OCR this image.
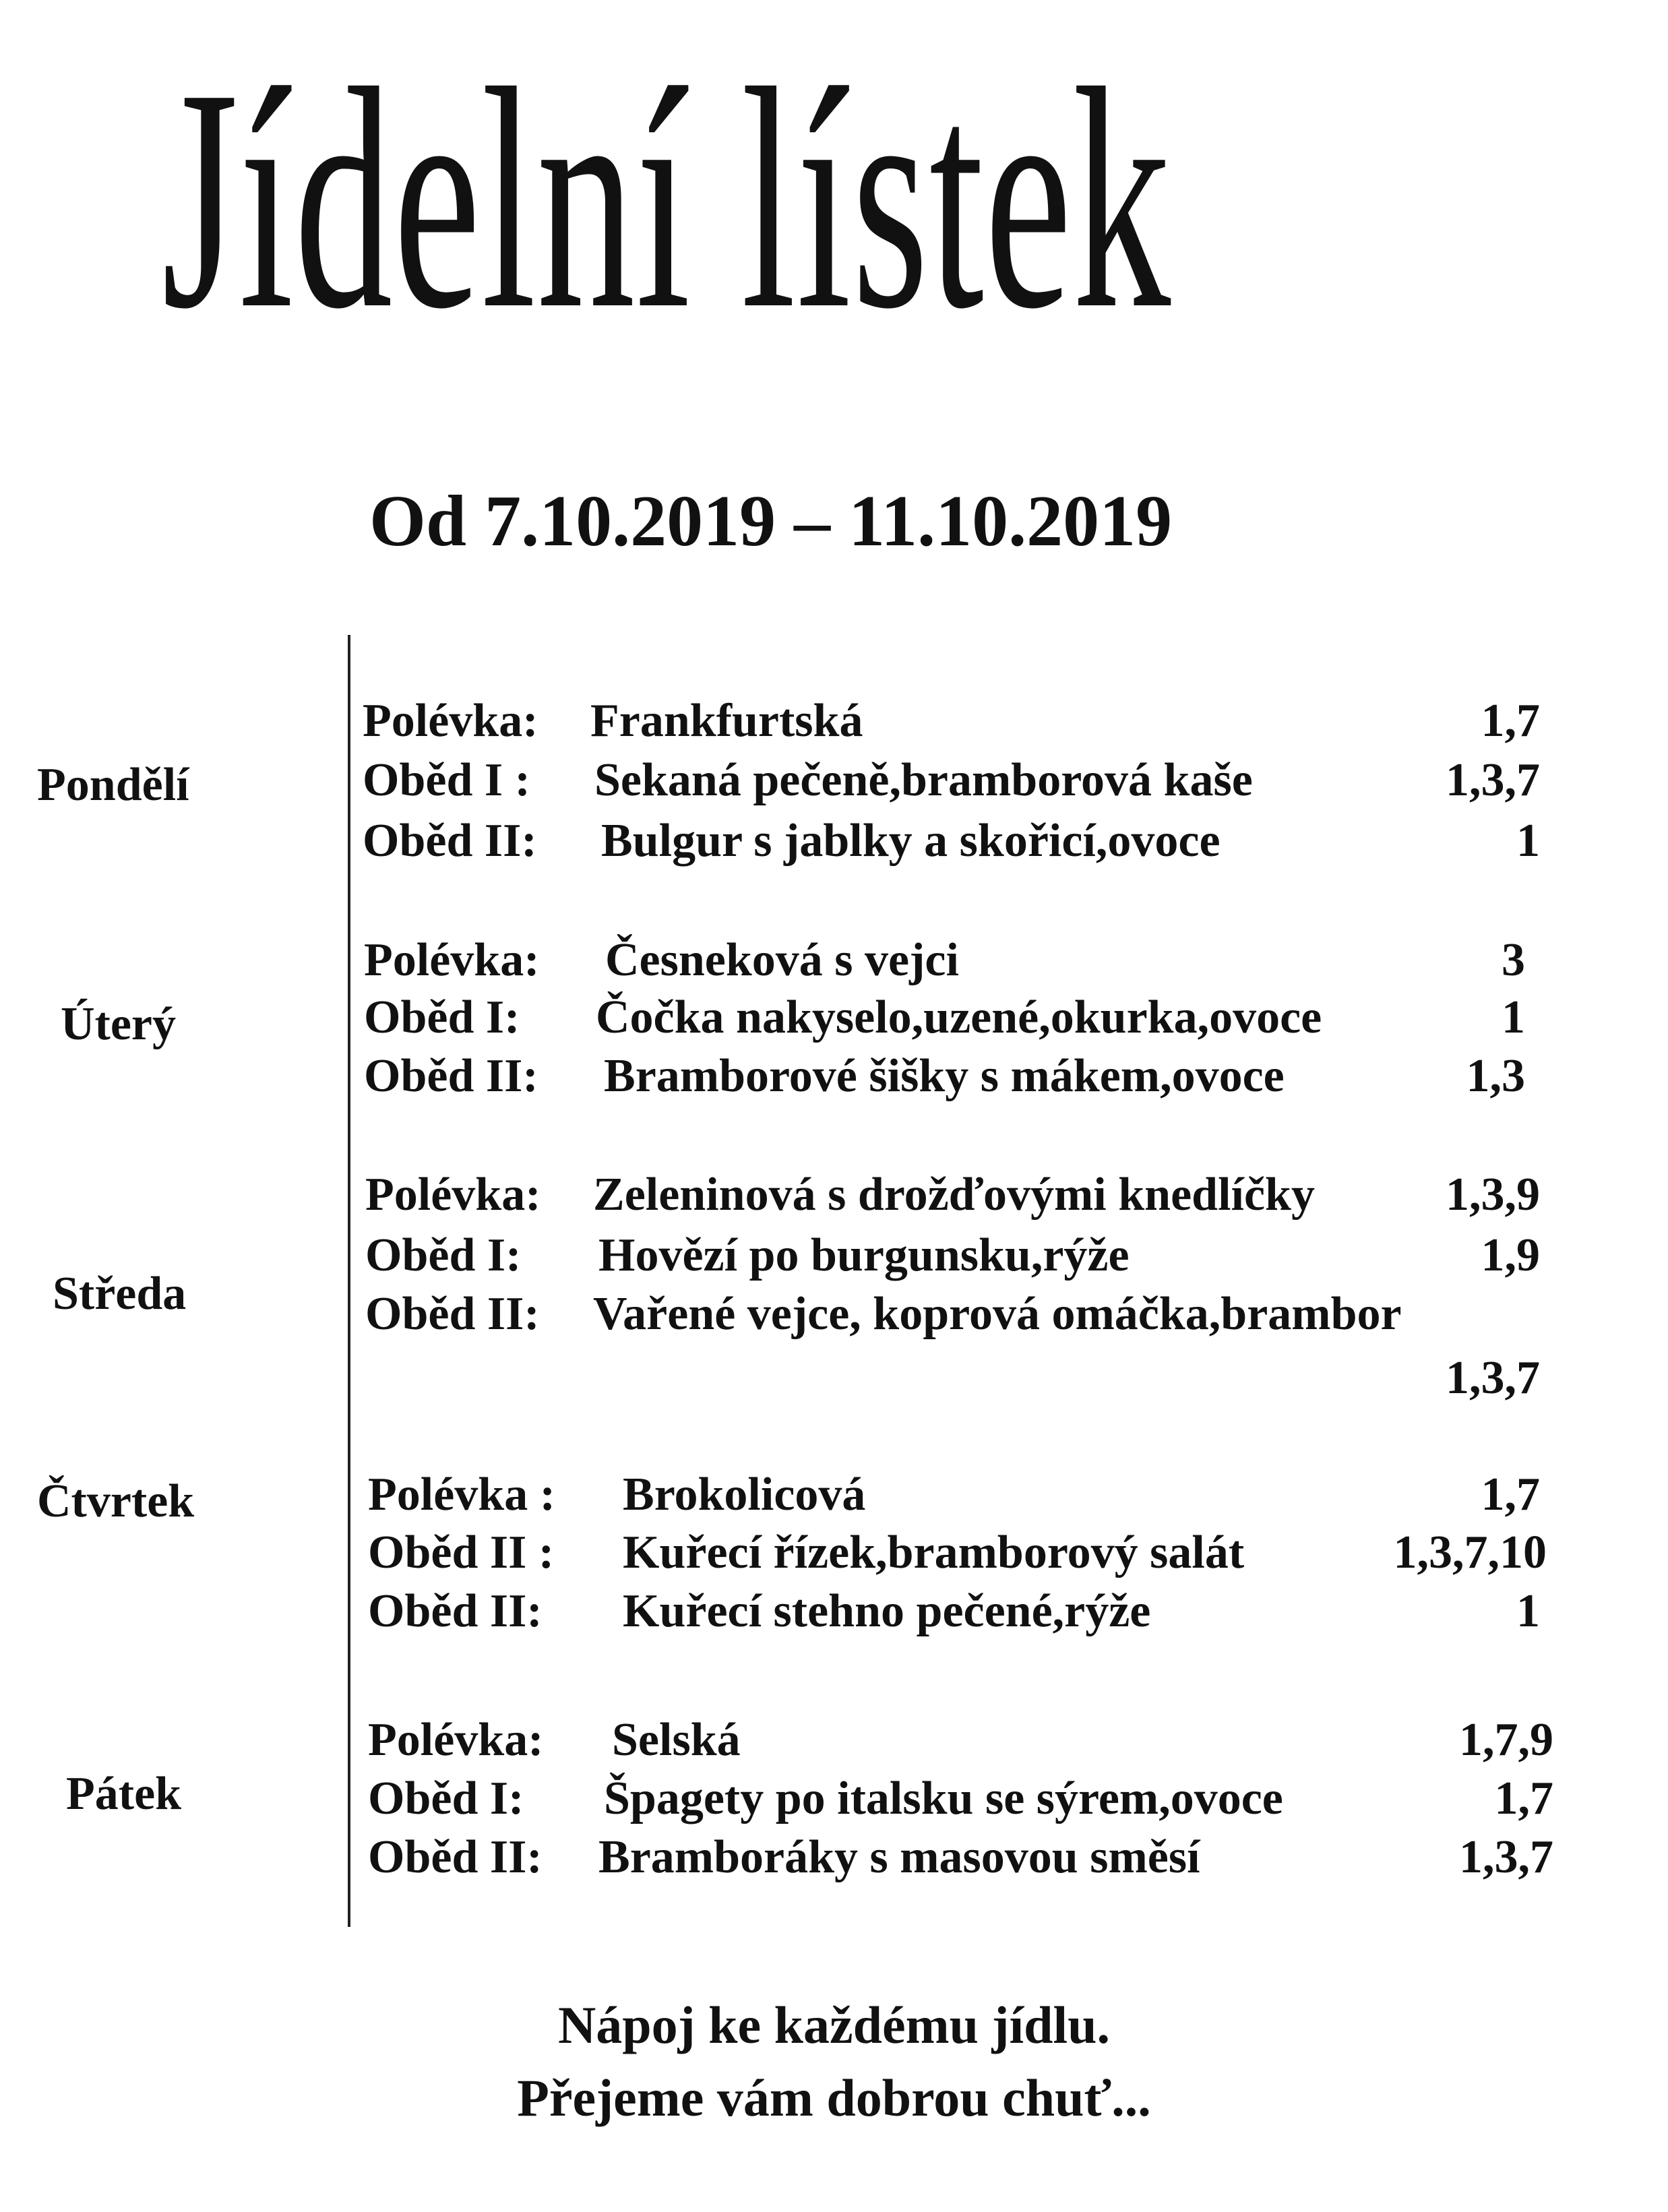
Jídelní lístek
Od 7.10.2019 – 11.10.2019
Pondělí
Polévka: Frankfurtská	1,7
Oběd I : Sekaná pečeně,bramborová kaše	1,3,7
Oběd II: Bulgur s jablky a skořicí,ovoce	1
Úterý
Polévka: Česneková s vejci	3
Oběd I: Čočka nakyselo,uzené,okurka,ovoce	1
Oběd II: Bramborové šišky s mákem,ovoce	1,3
Středa
Polévka: Zeleninová s drožďovými knedlíčky	1,3,9
Oběd I: Hovězí po burgunsku,rýže	1,9
Oběd II: Vařené vejce, koprová omáčka,brambor
1,3,7
Čtvrtek	Polévka : Brokolicová	1,7
Oběd II : Kuřecí řízek,bramborový salát	1,3,7,10
Oběd II: Kuřecí stehno pečené,rýže	1
Pátek
Polévka: Selská	1,7,9
Oběd I: Špagety po italsku se sýrem,ovoce	1,7
Oběd II: Bramboráky s masovou směsí	1,3,7
Nápoj ke každému jídlu.
Přejeme vám dobrou chuť...
